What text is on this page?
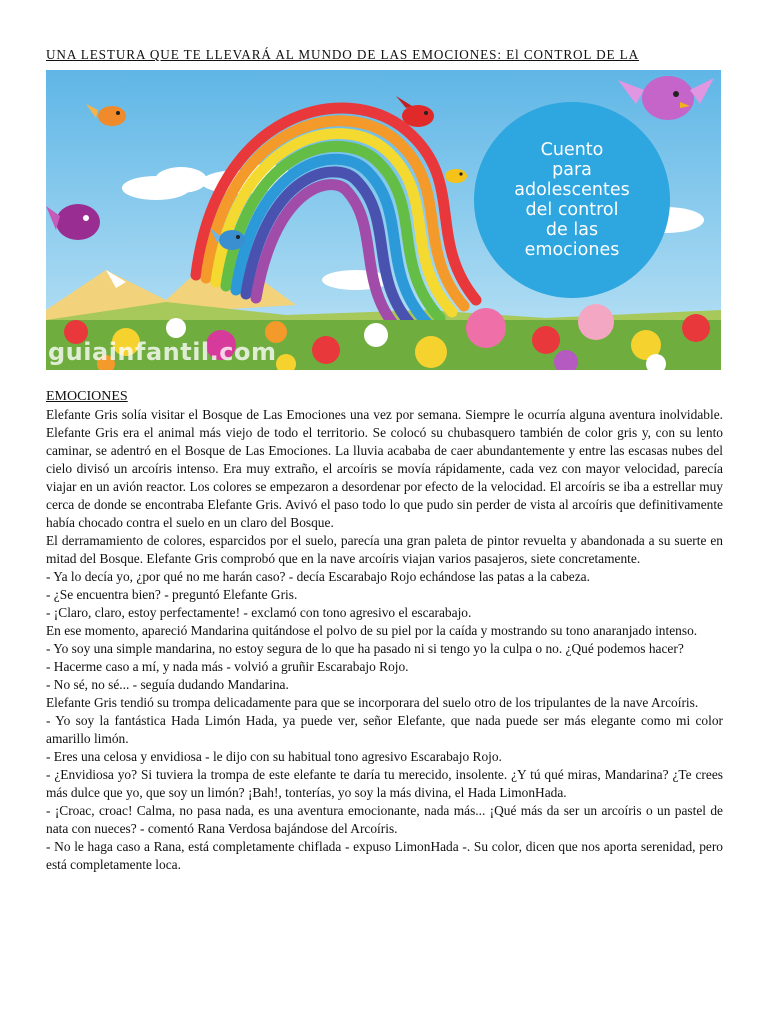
UNA LESTURA QUE TE LLEVARÁ AL MUNDO DE LAS EMOCIONES: El CONTROL DE LA
Cuento
para
adolescentes
del control
de las
emociones
guiainfantil.com
EMOCIONES

Elefante Gris solía visitar el Bosque de Las Emociones una vez por semana. Siempre le ocurría alguna aventura inolvidable. Elefante Gris era el animal más viejo de todo el territorio. Se colocó su chubasquero también de color gris y, con su lento caminar, se adentró en el Bosque de Las Emociones. La lluvia acababa de caer abundantemente y entre las escasas nubes del cielo divisó un arcoíris intenso. Era muy extraño, el arcoíris se movía rápidamente, cada vez con mayor velocidad, parecía viajar en un avión reactor. Los colores se empezaron a desordenar por efecto de la velocidad. El arcoíris se iba a estrellar muy cerca de donde se encontraba Elefante Gris. Avivó el paso todo lo que pudo sin perder de vista al arcoíris que definitivamente había chocado contra el suelo en un claro del Bosque.

El derramamiento de colores, esparcidos por el suelo, parecía una gran paleta de pintor revuelta y abandonada a su suerte en mitad del Bosque. Elefante Gris comprobó que en la nave arcoíris viajan varios pasajeros, siete concretamente.

- Ya lo decía yo, ¿por qué no me harán caso? - decía Escarabajo Rojo echándose las patas a la cabeza.

- ¿Se encuentra bien? - preguntó Elefante Gris.

- ¡Claro, claro, estoy perfectamente! - exclamó con tono agresivo el escarabajo.

En ese momento, apareció Mandarina quitándose el polvo de su piel por la caída y mostrando su tono anaranjado intenso.

- Yo soy una simple mandarina, no estoy segura de lo que ha pasado ni si tengo yo la culpa o no. ¿Qué podemos hacer?

- Hacerme caso a mí, y nada más - volvió a gruñir Escarabajo Rojo.

- No sé, no sé... - seguía dudando Mandarina.

Elefante Gris tendió su trompa delicadamente para que se incorporara del suelo otro de los tripulantes de la nave Arcoíris.

- Yo soy la fantástica Hada Limón Hada, ya puede ver, señor Elefante, que nada puede ser más elegante como mi color amarillo limón.

- Eres una celosa y envidiosa - le dijo con su habitual tono agresivo Escarabajo Rojo.

- ¿Envidiosa yo? Si tuviera la trompa de este elefante te daría tu merecido, insolente. ¿Y tú qué miras, Mandarina? ¿Te crees más dulce que yo, que soy un limón? ¡Bah!, tonterías, yo soy la más divina, el Hada LimonHada.

- ¡Croac, croac! Calma, no pasa nada, es una aventura emocionante, nada más... ¡Qué más da ser un arcoíris o un pastel de nata con nueces? - comentó Rana Verdosa bajándose del Arcoíris.

- No le haga caso a Rana, está completamente chiflada - expuso LimonHada -. Su color, dicen que nos aporta serenidad, pero está completamente loca.
